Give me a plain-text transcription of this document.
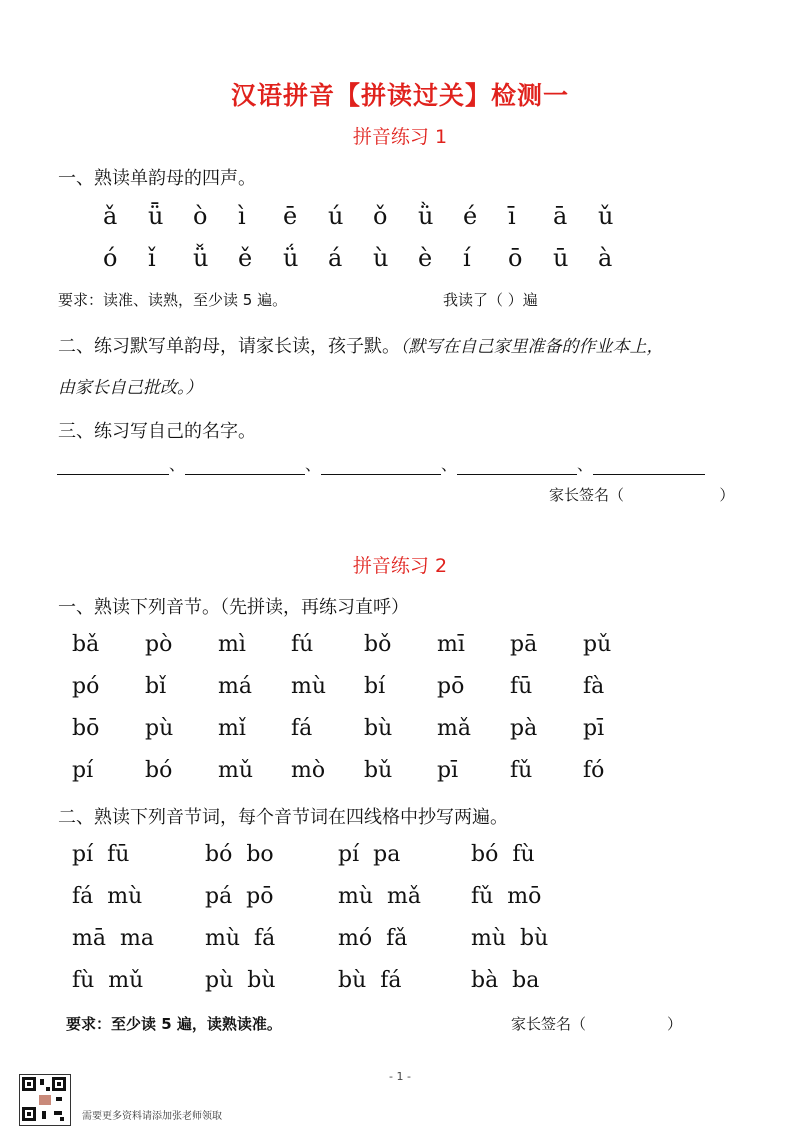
汉语拼音【拼读过关】检测一
拼音练习 1
一、熟读单韵母的四声。
ǎ	ǖ	ò	ì	ē	ú	ǒ	ǜ	é	ī	ā	ǔ
ó	ǐ	ǚ	ě	ǘ	á	ù	è	í	ō	ū	à
要求：读准、读熟，至少读 5 遍。	我读了（ ）遍
二、练习默写单韵母，请家长读，孩子默。（默写在自己家里准备的作业本上，
由家长自己批改。）
三、练习写自己的名字。
、	、	、	、
家长签名（                    ）
拼音练习 2
一、熟读下列音节。（先拼读，再练习直呼）
bǎ	pò	mì	fú	bǒ	mī	pā	pǔ
pó	bǐ	má	mù	bí	pō	fū	fà
bō	pù	mǐ	fá	bù	mǎ	pà	pī
pí	bó	mǔ	mò	bǔ	pī	fǔ	fó
二、熟读下列音节词，每个音节词在四线格中抄写两遍。
pí  fū	bó  bo	pí  pa	bó  fù
fá  mù	pá  pō	mù  mǎ	fǔ  mō
mā  ma	mù  fá	mó  fǎ	mù  bù
fù  mǔ	pù  bù	bù  fá	bà  ba
要求：至少读 5 遍，读熟读准。	家长签名（                 ）
- 1 -
需要更多资料请添加张老师领取
